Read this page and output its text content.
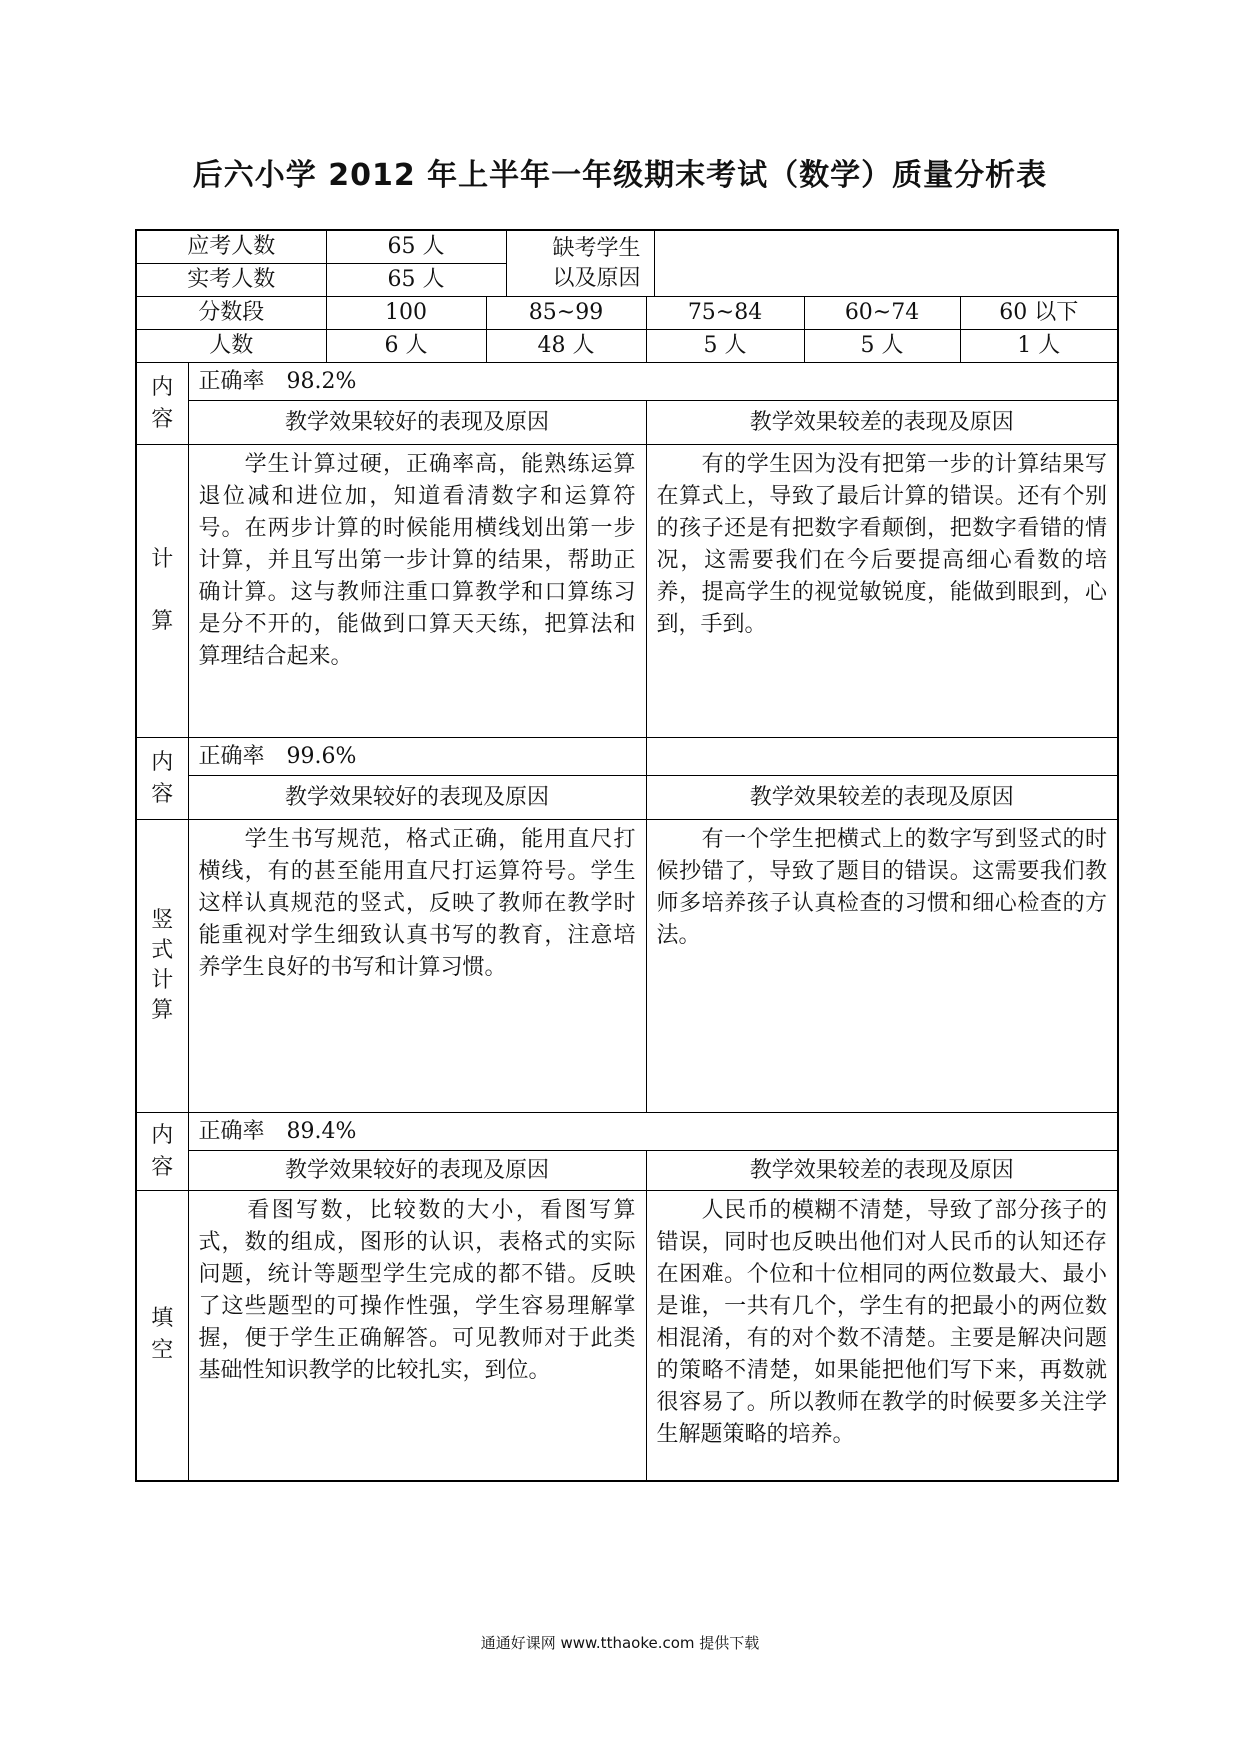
后六小学 2012 年上半年一年级期末考试（数学）质量分析表
应考人数		65 人		缺考学生
以及原因				

实考人数		65 人						
分数段		100	85~99		75~84		60~74	60 以下
人数		6 人	48 人		5 人		5 人	1 人

内
容	正确率 98.2%							
	教学效果较好的表现及原因				教学效果较差的表现及原因			

计
算	　　学生计算过硬，正确率高，能熟练运算退位减和进位加，知道看清数字和运算符号。在两步计算的时候能用横线划出第一步计算，并且写出第一步计算的结果，帮助正确计算。这与教师注重口算教学和口算练习是分不开的，能做到口算天天练，把算法和算理结合起来。				　　有的学生因为没有把第一步的计算结果写在算式上，导致了最后计算的错误。还有个别的孩子还是有把数字看颠倒，把数字看错的情况，这需要我们在今后要提高细心看数的培养，提高学生的视觉敏锐度，能做到眼到，心到，手到。			

内
容	正确率 99.6%							
	教学效果较好的表现及原因				教学效果较差的表现及原因			

竖
式
计
算	　　学生书写规范，格式正确，能用直尺打横线，有的甚至能用直尺打运算符号。学生这样认真规范的竖式，反映了教师在教学时能重视对学生细致认真书写的教育，注意培养学生良好的书写和计算习惯。				　　有一个学生把横式上的数字写到竖式的时候抄错了，导致了题目的错误。这需要我们教师多培养孩子认真检查的习惯和细心检查的方法。			

内
容	正确率 89.4%							
	教学效果较好的表现及原因				教学效果较差的表现及原因			

填
空	　　看图写数，比较数的大小，看图写算式，数的组成，图形的认识，表格式的实际问题，统计等题型学生完成的都不错。反映了这些题型的可操作性强，学生容易理解掌握，便于学生正确解答。可见教师对于此类基础性知识教学的比较扎实，到位。				　　人民币的模糊不清楚，导致了部分孩子的错误，同时也反映出他们对人民币的认知还存在困难。个位和十位相同的两位数最大、最小是谁，一共有几个，学生有的把最小的两位数相混淆，有的对个数不清楚。主要是解决问题的策略不清楚，如果能把他们写下来，再数就很容易了。所以教师在教学的时候要多关注学生解题策略的培养。			
通通好课网 www.tthaoke.com 提供下载
